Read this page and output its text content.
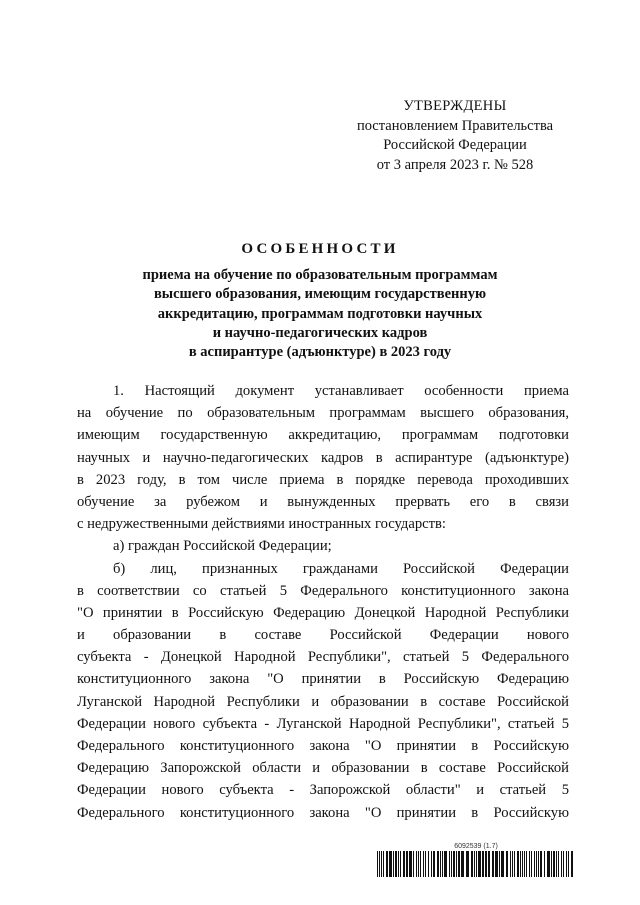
УТВЕРЖДЕНЫ
постановлением Правительства
Российской Федерации
от 3 апреля 2023 г. № 528
ОСОБЕННОСТИ
приема на обучение по образовательным программам
высшего образования, имеющим государственную
аккредитацию, программам подготовки научных
и научно-педагогических кадров
в аспирантуре (адъюнктуре) в 2023 году
1. Настоящий документ устанавливает особенности приема
на обучение по образовательным программам высшего образования,
имеющим государственную аккредитацию, программам подготовки
научных и научно-педагогических кадров в аспирантуре (адъюнктуре)
в 2023 году, в том числе приема в порядке перевода проходивших
обучение за рубежом и вынужденных прервать его в связи
с недружественными действиями иностранных государств:
а) граждан Российской Федерации;
б) лиц, признанных гражданами Российской Федерации
в соответствии со статьей 5 Федерального конституционного закона
"О принятии в Российскую Федерацию Донецкой Народной Республики
и образовании в составе Российской Федерации нового
субъекта - Донецкой Народной Республики", статьей 5 Федерального
конституционного закона "О принятии в Российскую Федерацию
Луганской Народной Республики и образовании в составе Российской
Федерации нового субъекта - Луганской Народной Республики", статьей 5
Федерального конституционного закона "О принятии в Российскую
Федерацию Запорожской области и образовании в составе Российской
Федерации нового субъекта - Запорожской области" и статьей 5
Федерального конституционного закона "О принятии в Российскую
6092539 (1.7)
